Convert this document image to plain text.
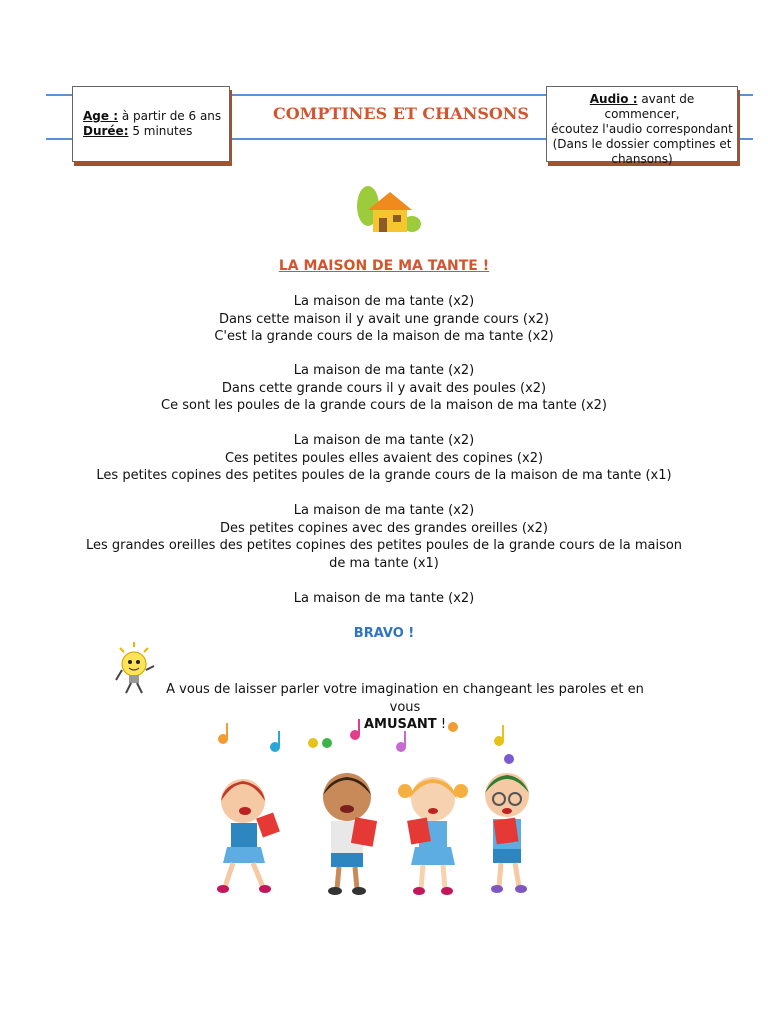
Age : à partir de 6 ans
Durée: 5 minutes
COMPTINES ET CHANSONS
Audio : avant de commencer,
écoutez l'audio correspondant
(Dans le dossier comptines et
chansons)
LA MAISON DE MA TANTE !
La maison de ma tante (x2)
Dans cette maison il y avait une grande cours (x2)
C'est la grande cours de la maison de ma tante (x2)
La maison de ma tante (x2)
Dans cette grande cours il y avait des poules (x2)
Ce sont les poules de la grande cours de la maison de ma tante (x2)
La maison de ma tante (x2)
Ces petites poules elles avaient des copines (x2)
Les petites copines des petites poules de la grande cours de la maison de ma tante (x1)
La maison de ma tante (x2)
Des petites copines avec des grandes oreilles (x2)
Les grandes oreilles des petites copines des petites poules de la grande cours de la maison
de ma tante (x1)
La maison de ma tante (x2)
BRAVO !
A vous de laisser parler votre imagination en changeant les paroles et en vous
AMUSANT !
